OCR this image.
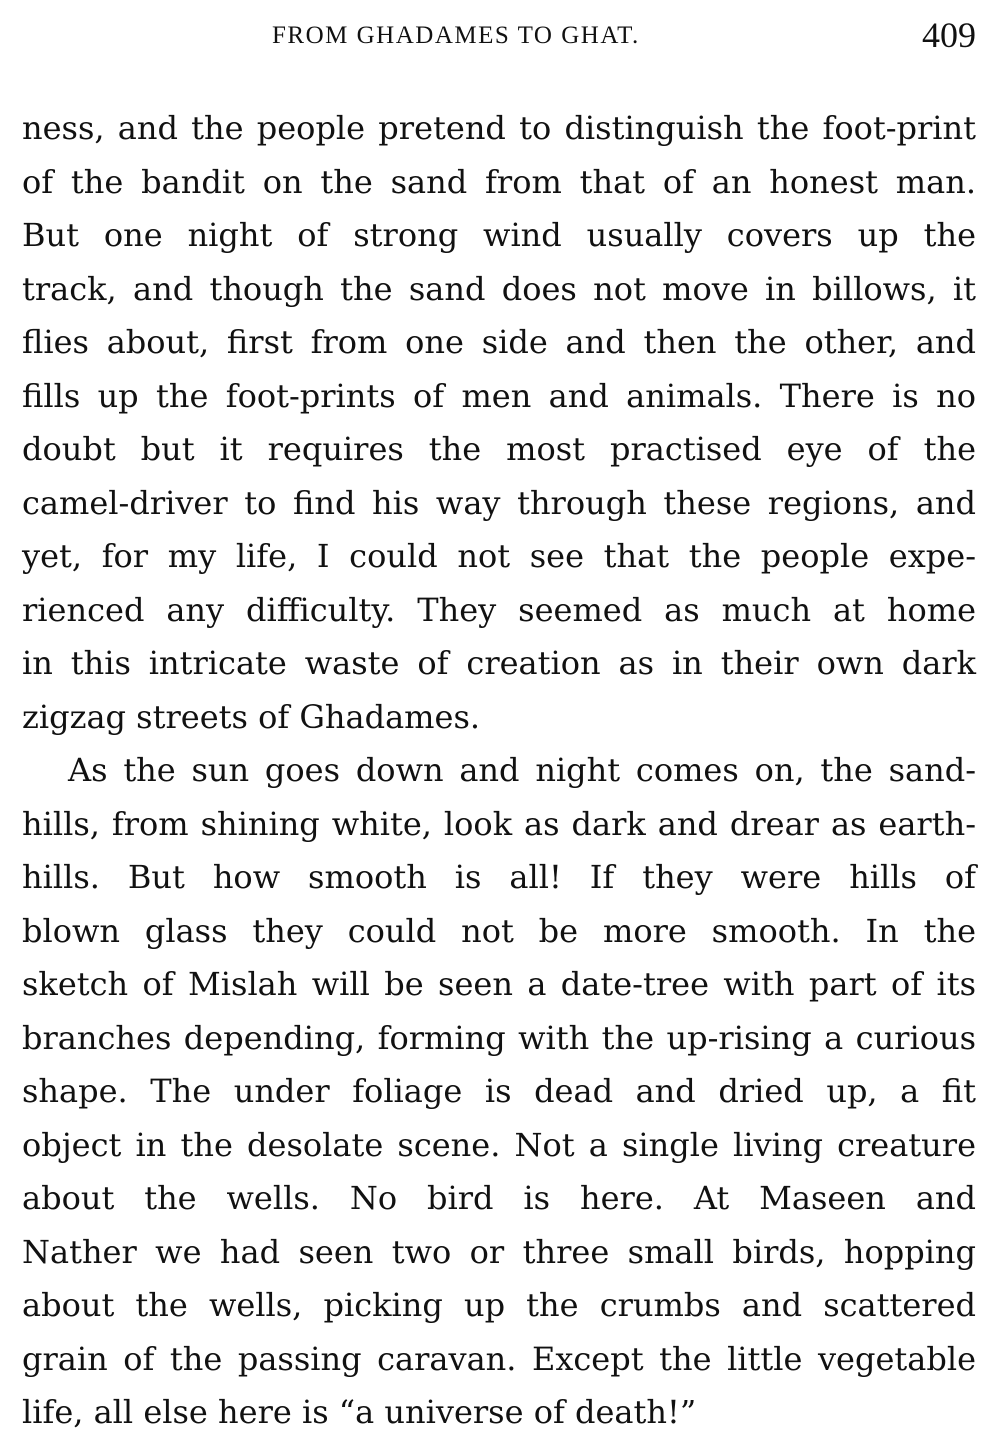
FROM GHADAMES TO GHAT.	409
ness, and the people pretend to distinguish the foot-print
of the bandit on the sand from that of an honest man.
But one night of strong wind usually covers up the
track, and though the sand does not move in billows, it
flies about, first from one side and then the other, and
fills up the foot-prints of men and animals. There is no
doubt but it requires the most practised eye of the
camel-driver to find his way through these regions, and
yet, for my life, I could not see that the people expe-
rienced any difficulty. They seemed as much at home
in this intricate waste of creation as in their own dark
zigzag streets of Ghadames.
As the sun goes down and night comes on, the sand-
hills, from shining white, look as dark and drear as earth-
hills. But how smooth is all! If they were hills of
blown glass they could not be more smooth. In the
sketch of Mislah will be seen a date-tree with part of its
branches depending, forming with the up-rising a curious
shape. The under foliage is dead and dried up, a fit
object in the desolate scene. Not a single living creature
about the wells. No bird is here. At Maseen and
Nather we had seen two or three small birds, hopping
about the wells, picking up the crumbs and scattered
grain of the passing caravan. Except the little vegetable
life, all else here is “a universe of death!”
